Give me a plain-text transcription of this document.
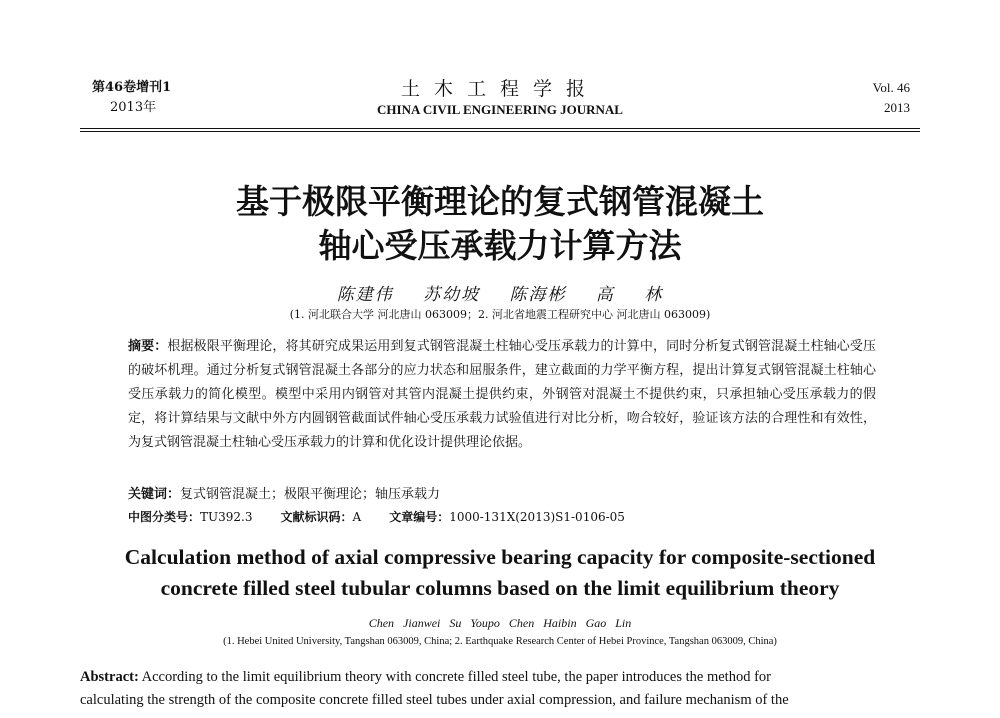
第46卷增刊1
2013年
土木工程学报
CHINA CIVIL ENGINEERING JOURNAL
Vol. 46
2013
基于极限平衡理论的复式钢管混凝土
轴心受压承载力计算方法
陈建伟 苏幼坡 陈海彬 高 林
(1. 河北联合大学 河北唐山 063009；2. 河北省地震工程研究中心 河北唐山 063009)
摘要：根据极限平衡理论，将其研究成果运用到复式钢管混凝土柱轴心受压承载力的计算中，同时分析复式钢管混凝土柱轴心受压的破坏机理。通过分析复式钢管混凝土各部分的应力状态和屈服条件，建立截面的力学平衡方程，提出计算复式钢管混凝土柱轴心受压承载力的简化模型。模型中采用内钢管对其管内混凝土提供约束，外钢管对混凝土不提供约束，只承担轴心受压承载力的假定，将计算结果与文献中外方内圆钢管截面试件轴心受压承载力试验值进行对比分析，吻合较好，验证该方法的合理性和有效性，为复式钢管混凝土柱轴心受压承载力的计算和优化设计提供理论依据。
关键词：复式钢管混凝土；极限平衡理论；轴压承载力
中图分类号：TU392.3 文献标识码：A 文章编号：1000-131X(2013)S1-0106-05
Calculation method of axial compressive bearing capacity for composite-sectioned
concrete filled steel tubular columns based on the limit equilibrium theory
Chen Jianwei Su Youpo Chen Haibin Gao Lin
(1. Hebei United University, Tangshan 063009, China; 2. Earthquake Research Center of Hebei Province, Tangshan 063009, China)
Abstract: According to the limit equilibrium theory with concrete filled steel tube, the paper introduces the method for
calculating the strength of the composite concrete filled steel tubes under axial compression, and failure mechanism of the
